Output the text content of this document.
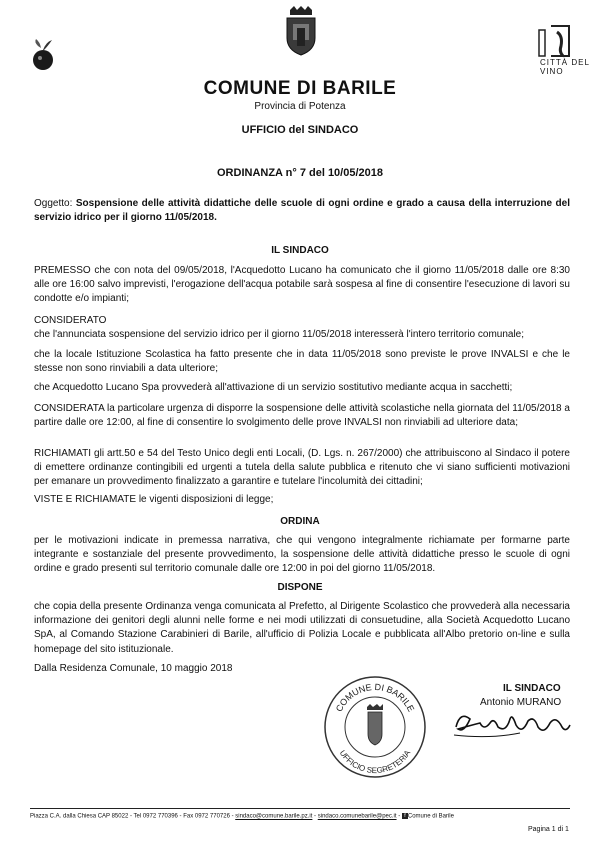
CITTÀ DEL VINO
COMUNE DI BARILE
Provincia di Potenza
UFFICIO del SINDACO
ORDINANZA n° 7 del 10/05/2018
Oggetto: Sospensione delle attività didattiche delle scuole di ogni ordine e grado a causa della interruzione del servizio idrico per il giorno 11/05/2018.
IL SINDACO
PREMESSO che con nota del 09/05/2018, l'Acquedotto Lucano ha comunicato che il giorno 11/05/2018 dalle ore 8:30 alle ore 16:00 salvo imprevisti, l'erogazione dell'acqua potabile sarà sospesa al fine di consentire l'esecuzione di lavori su condotte e/o impianti;
CONSIDERATO
che l'annunciata sospensione del servizio idrico per il giorno 11/05/2018 interesserà l'intero territorio comunale;
che la locale Istituzione Scolastica ha fatto presente che in data 11/05/2018 sono previste le prove INVALSI e che le stesse non sono rinviabili a data ulteriore;
che Acquedotto Lucano Spa provvederà all'attivazione di un servizio sostitutivo mediante acqua in sacchetti;
CONSIDERATA la particolare urgenza di disporre la sospensione delle attività scolastiche nella giornata del 11/05/2018 a partire dalle ore 12:00, al fine di consentire lo svolgimento delle prove INVALSI non rinviabili ad ulteriore data;
RICHIAMATI gli artt.50 e 54 del Testo Unico degli enti Locali, (D. Lgs. n. 267/2000) che attribuiscono al Sindaco il potere di emettere ordinanze contingibili ed urgenti a tutela della salute pubblica e ritenuto che vi siano sufficienti motivazioni per emanare un provvedimento finalizzato a garantire e tutelare l'incolumità dei cittadini;
VISTE E RICHIAMATE le vigenti disposizioni di legge;
ORDINA
per le motivazioni indicate in premessa narrativa, che qui vengono integralmente richiamate per formarne parte integrante e sostanziale del presente provvedimento, la sospensione delle attività didattiche presso le scuole di ogni ordine e grado presenti sul territorio comunale dalle ore 12:00 in poi del giorno 11/05/2018.
DISPONE
che copia della presente Ordinanza venga comunicata al Prefetto, al Dirigente Scolastico che provvederà alla necessaria informazione dei genitori degli alunni nelle forme e nei modi utilizzati di consuetudine, alla Società Acquedotto Lucano SpA, al Comando Stazione Carabinieri di Barile, all'ufficio di Polizia Locale e pubblicata all'Albo pretorio on-line e sulla homepage del sito istituzionale.
Dalla Residenza Comunale, 10 maggio 2018
COMUNE DI BARILE
UFFICIO SEGRETERIA
IL SINDACO
Antonio MURANO
Piazza C.A. dalla Chiesa CAP 85022 - Tel 0972 770396 - Fax 0972 770726 - sindaco@comune.barile.pz.it - sindaco.comunebarile@pec.it - f Comune di Barile
Pagina 1 di 1
